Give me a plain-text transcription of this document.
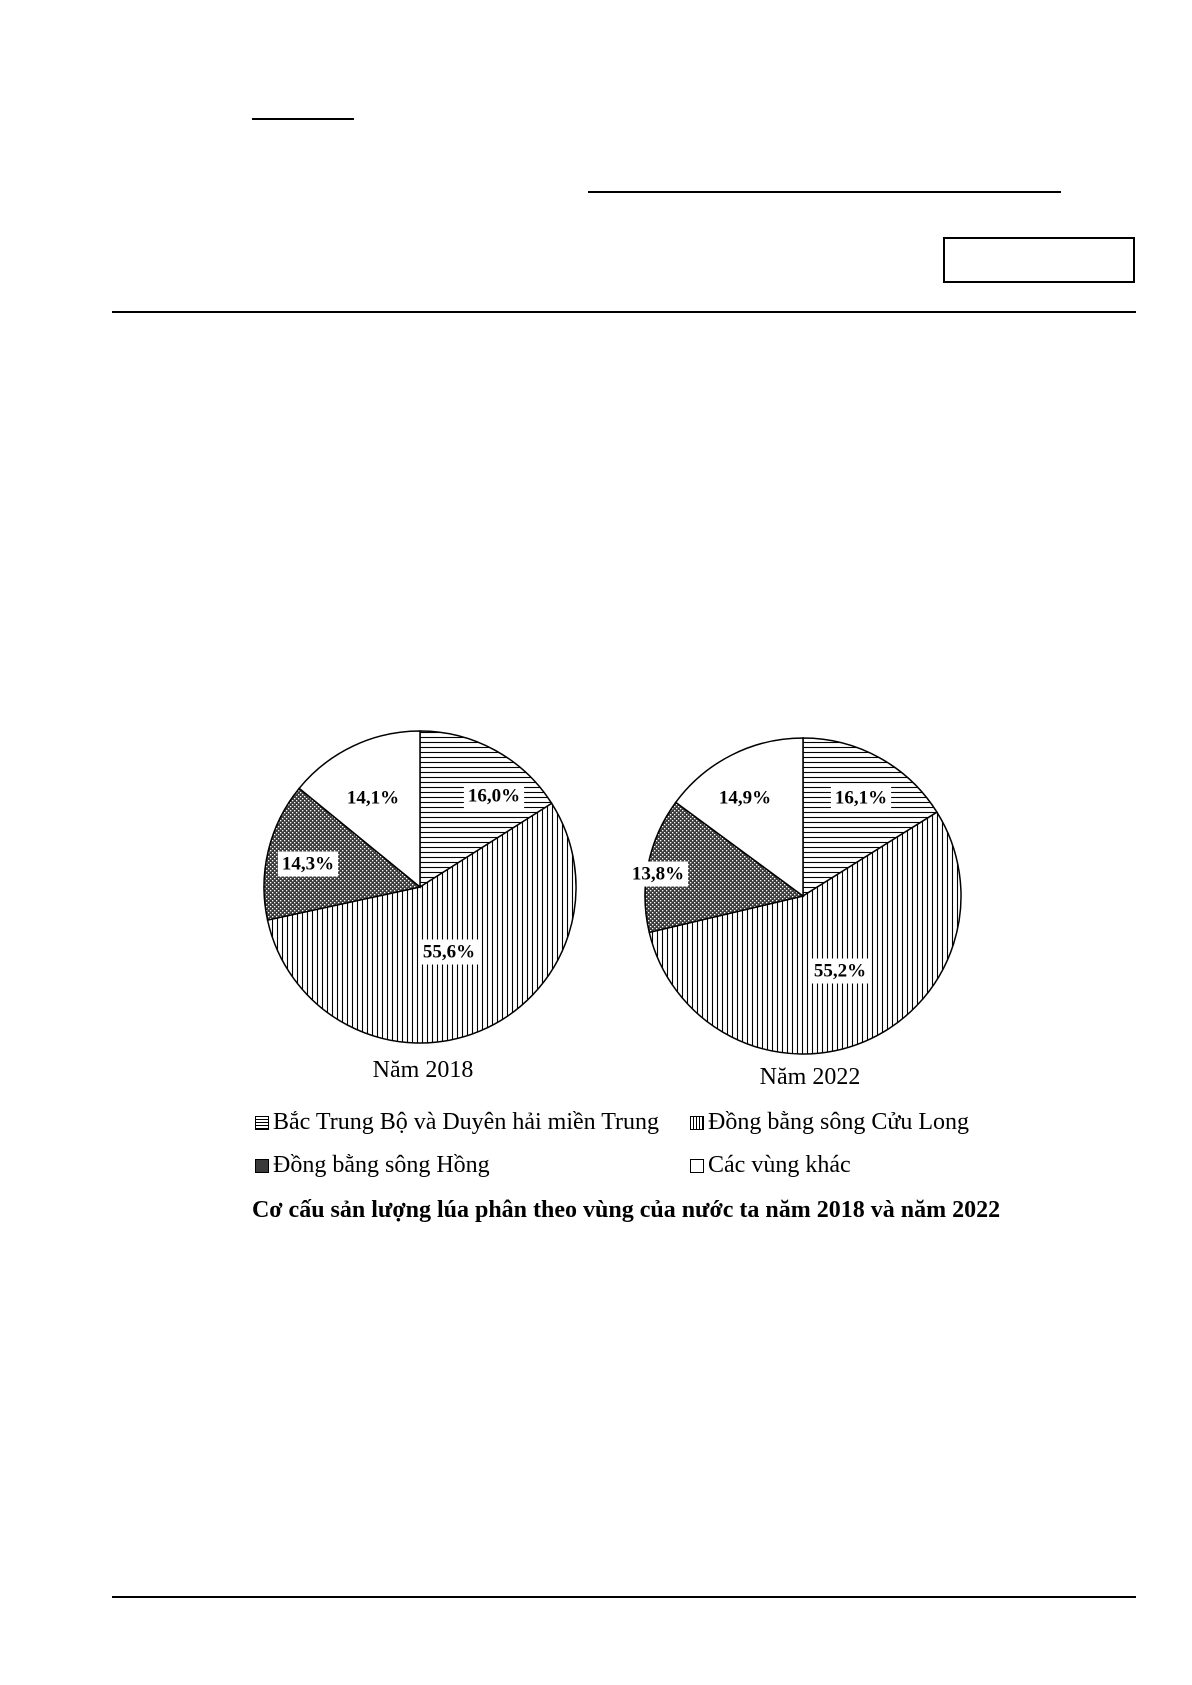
16,0%
55,6%
14,3%
14,1%	16,1%
55,2%
13,8%
14,9%
Năm 2018	Năm 2022
Bắc Trung Bộ và Duyên hải miền Trung Đồng bằng sông Cửu Long
Đồng bằng sông Hồng	Các vùng khác
Cơ cấu sản lượng lúa phân theo vùng của nước ta năm 2018 và năm 2022
